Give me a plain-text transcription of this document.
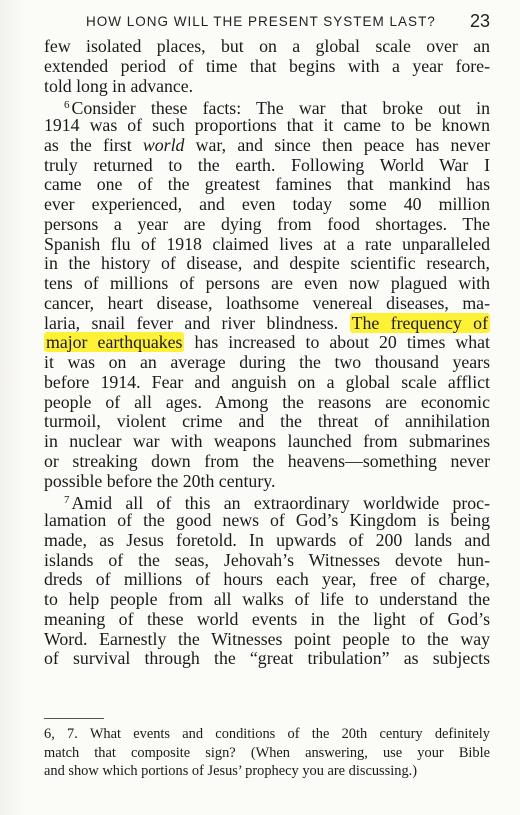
HOW LONG WILL THE PRESENT SYSTEM LAST? 23
few isolated places, but on a global scale over an
extended period of time that begins with a year fore-
told long in advance.
$^6$ Consider these facts: The war that broke out in
1914 was of such proportions that it came to be known
as the first world war, and since then peace has never
truly returned to the earth. Following World War I
came one of the greatest famines that mankind has
ever experienced, and even today some 40 million
persons a year are dying from food shortages. The
Spanish flu of 1918 claimed lives at a rate unparalleled
in the history of disease, and despite scientific research,
tens of millions of persons are even now plagued with
cancer, heart disease, loathsome venereal diseases, ma-
laria, snail fever and river blindness. The frequency of
major earthquakes has increased to about 20 times what
it was on an average during the two thousand years
before 1914. Fear and anguish on a global scale afflict
people of all ages. Among the reasons are economic
turmoil, violent crime and the threat of annihilation
in nuclear war with weapons launched from submarines
or streaking down from the heavens—something never
possible before the 20th century.
$^7$ Amid all of this an extraordinary worldwide proc-
lamation of the good news of God’s Kingdom is being
made, as Jesus foretold. In upwards of 200 lands and
islands of the seas, Jehovah’s Witnesses devote hun-
dreds of millions of hours each year, free of charge,
to help people from all walks of life to understand the
meaning of these world events in the light of God’s
Word. Earnestly the Witnesses point people to the way
of survival through the “great tribulation” as subjects
6, 7. What events and conditions of the 20th century definitely
match that composite sign? (When answering, use your Bible
and show which portions of Jesus’ prophecy you are discussing.)
